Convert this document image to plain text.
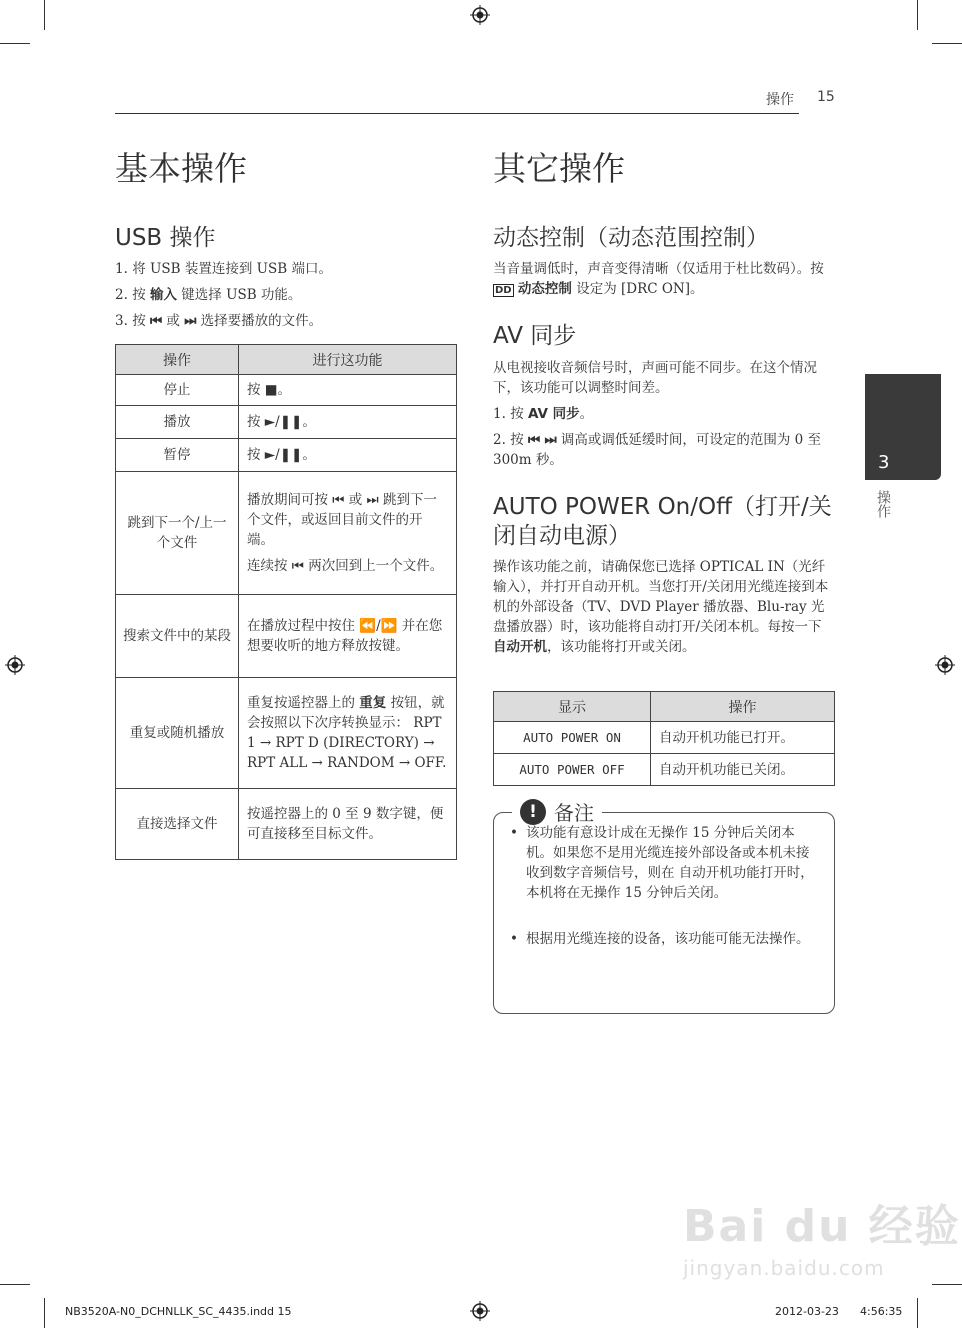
操作 15
基本操作
USB 操作
1. 将 USB 装置连接到 USB 端口。
2. 按 输入 键选择 USB 功能。
3. 按 ⏮ 或 ⏭ 选择要播放的文件。
操作	进行这功能
停止	按 ■。
播放	按 ►/❚❚。
暂停	按 ►/❚❚。
跳到下一个/上一个文件	播放期间可按 ⏮ 或 ⏭ 跳到下一个文件，或返回目前文件的开端。
连续按 ⏮ 两次回到上一个文件。

搜索文件中的某段	在播放过程中按住 ⏪/⏩ 并在您想要收听的地方释放按键。
重复或随机播放	重复按遥控器上的 重复 按钮，就会按照以下次序转换显示： RPT 1 → RPT D (DIRECTORY) → RPT ALL → RANDOM → OFF.
直接选择文件	按遥控器上的 0 至 9 数字键，便可直接移至目标文件。
其它操作
动态控制（动态范围控制）
当音量调低时，声音变得清晰（仅适用于杜比数码）。按 DD 动态控制 设定为 [DRC ON]。
AV 同步
从电视接收音频信号时，声画可能不同步。在这个情况下，该功能可以调整时间差。
1. 按 AV 同步。
2. 按 ⏮ ⏭ 调高或调低延缓时间，可设定的范围为 0 至 300m 秒。
AUTO POWER On/Off（打开/关闭自动电源）
操作该功能之前，请确保您已选择 OPTICAL IN（光纤输入），并打开自动开机。当您打开/关闭用光缆连接到本机的外部设备（TV、DVD Player 播放器、Blu-ray 光盘播放器）时，该功能将自动打开/关闭本机。每按一下 自动开机，该功能将打开或关闭。
显示	操作
AUTO POWER ON	自动开机功能已打开。
AUTO POWER OFF	自动开机功能已关闭。
! 备注
• 该功能有意设计成在无操作 15 分钟后关闭本机。如果您不是用光缆连接外部设备或本机未接收到数字音频信号，则在 自动开机功能打开时，本机将在无操作 15 分钟后关闭。
• 根据用光缆连接的设备，该功能可能无法操作。
3
操作
Bai du 经验
jingyan.baidu.com
NB3520A-N0_DCHNLLK_SC_4435.indd 15	2012-03-23 4:56:35
